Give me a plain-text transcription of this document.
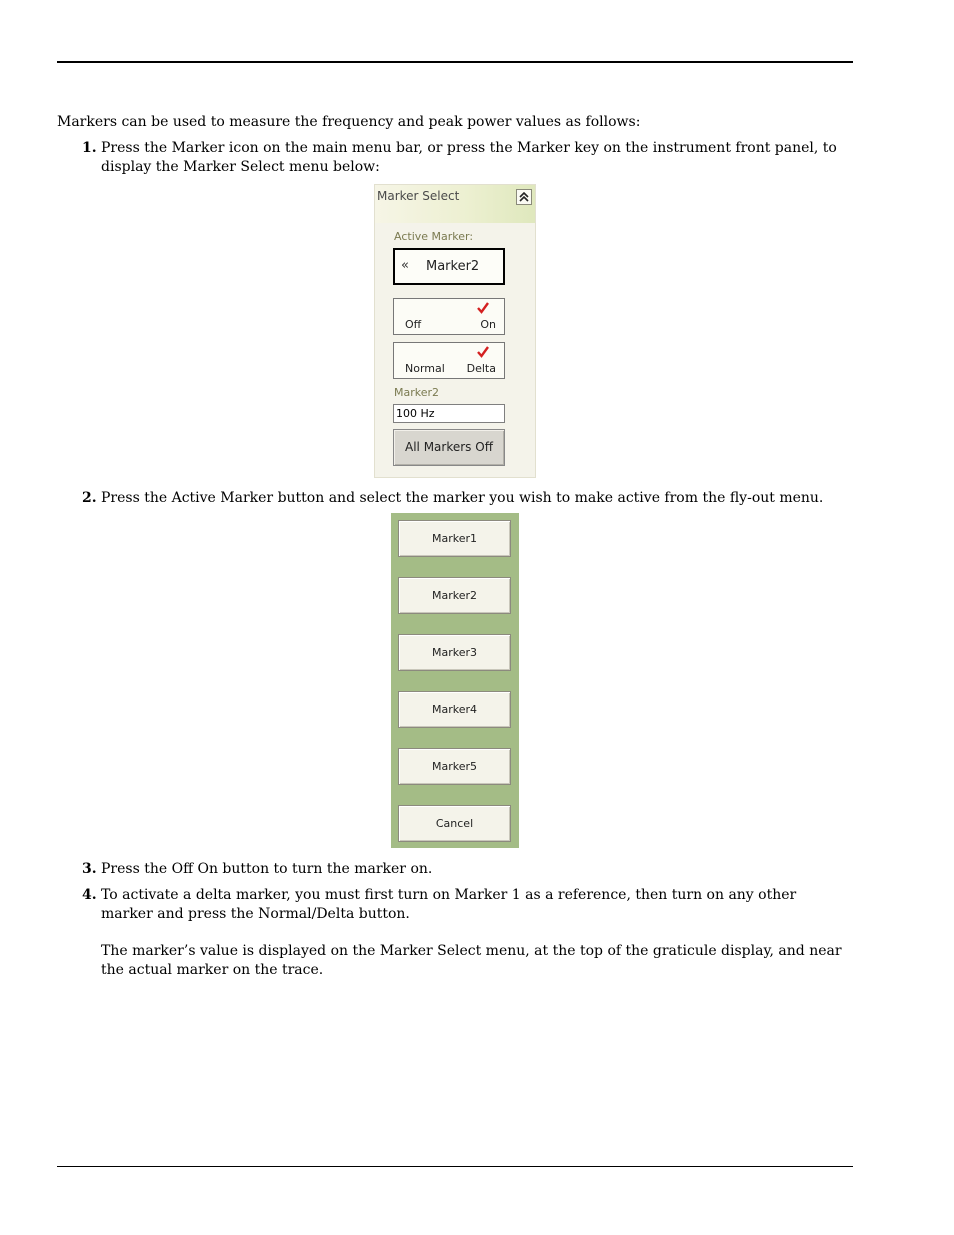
Markers can be used to measure the frequency and peak power values as follows:
1. Press the Marker icon on the main menu bar, or press the Marker key on the instrument front panel, to display the Marker Select menu below:
Marker Select
Active Marker:
« Marker2
Off	On
Normal Delta
Marker2
100 Hz
All Markers Off
2. Press the Active Marker button and select the marker you wish to make active from the fly-out menu.
Marker1
Marker2
Marker3
Marker4
Marker5
Cancel
3. Press the Off On button to turn the marker on.
4. To activate a delta marker, you must first turn on Marker 1 as a reference, then turn on any other marker and press the Normal/Delta button.
The marker’s value is displayed on the Marker Select menu, at the top of the graticule display, and near the actual marker on the trace.
